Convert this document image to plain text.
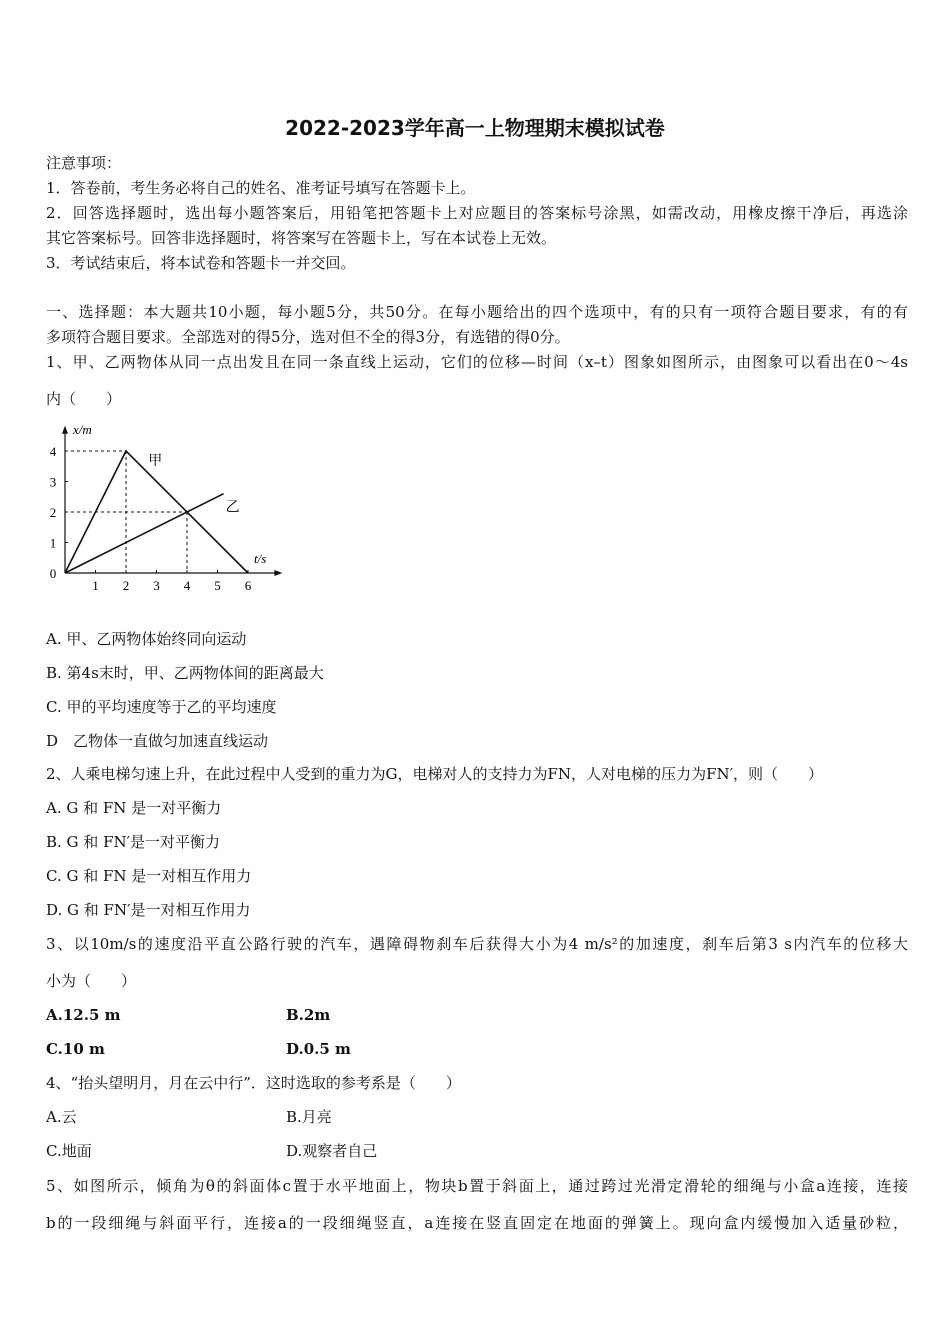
2022-2023学年高一上物理期末模拟试卷
注意事项：
1．答卷前，考生务必将自己的姓名、准考证号填写在答题卡上。
2．回答选择题时，选出每小题答案后，用铅笔把答题卡上对应题目的答案标号涂黑，如需改动，用橡皮擦干净后，再选涂
其它答案标号。回答非选择题时，将答案写在答题卡上，写在本试卷上无效。
3．考试结束后，将本试卷和答题卡一并交回。
一、选择题：本大题共10小题，每小题5分，共50分。在每小题给出的四个选项中，有的只有一项符合题目要求，有的有
多项符合题目要求。全部选对的得5分，选对但不全的得3分，有选错的得0分。
1、甲、乙两物体从同一点出发且在同一条直线上运动，它们的位移—时间（x–t）图象如图所示，由图象可以看出在0～4s
内（　　）
x/m
t/s
1 2 3 4 5 6
0
1
2
3
4
甲
乙
A. 甲、乙两物体始终同向运动
B. 第4s末时，甲、乙两物体间的距离最大
C. 甲的平均速度等于乙的平均速度
D　乙物体一直做匀加速直线运动
2、人乘电梯匀速上升，在此过程中人受到的重力为G，电梯对人的支持力为FN，人对电梯的压力为FN′，则（　　）
A. G 和 FN 是一对平衡力
B. G 和 FN′是一对平衡力
C. G 和 FN 是一对相互作用力
D. G 和 FN′是一对相互作用力
3、以10m/s的速度沿平直公路行驶的汽车，遇障碍物刹车后获得大小为4 m/s²的加速度，刹车后第3 s内汽车的位移大
小为（　　）
A.12.5 m	B.2m
C.10 m	D.0.5 m
4、“抬头望明月，月在云中行”．这时选取的参考系是（　　）
A.云	B.月亮
C.地面	D.观察者自己
5、如图所示，倾角为θ的斜面体c置于水平地面上，物块b置于斜面上，通过跨过光滑定滑轮的细绳与小盒a连接，连接
b的一段细绳与斜面平行，连接a的一段细绳竖直，a连接在竖直固定在地面的弹簧上。现向盒内缓慢加入适量砂粒，
